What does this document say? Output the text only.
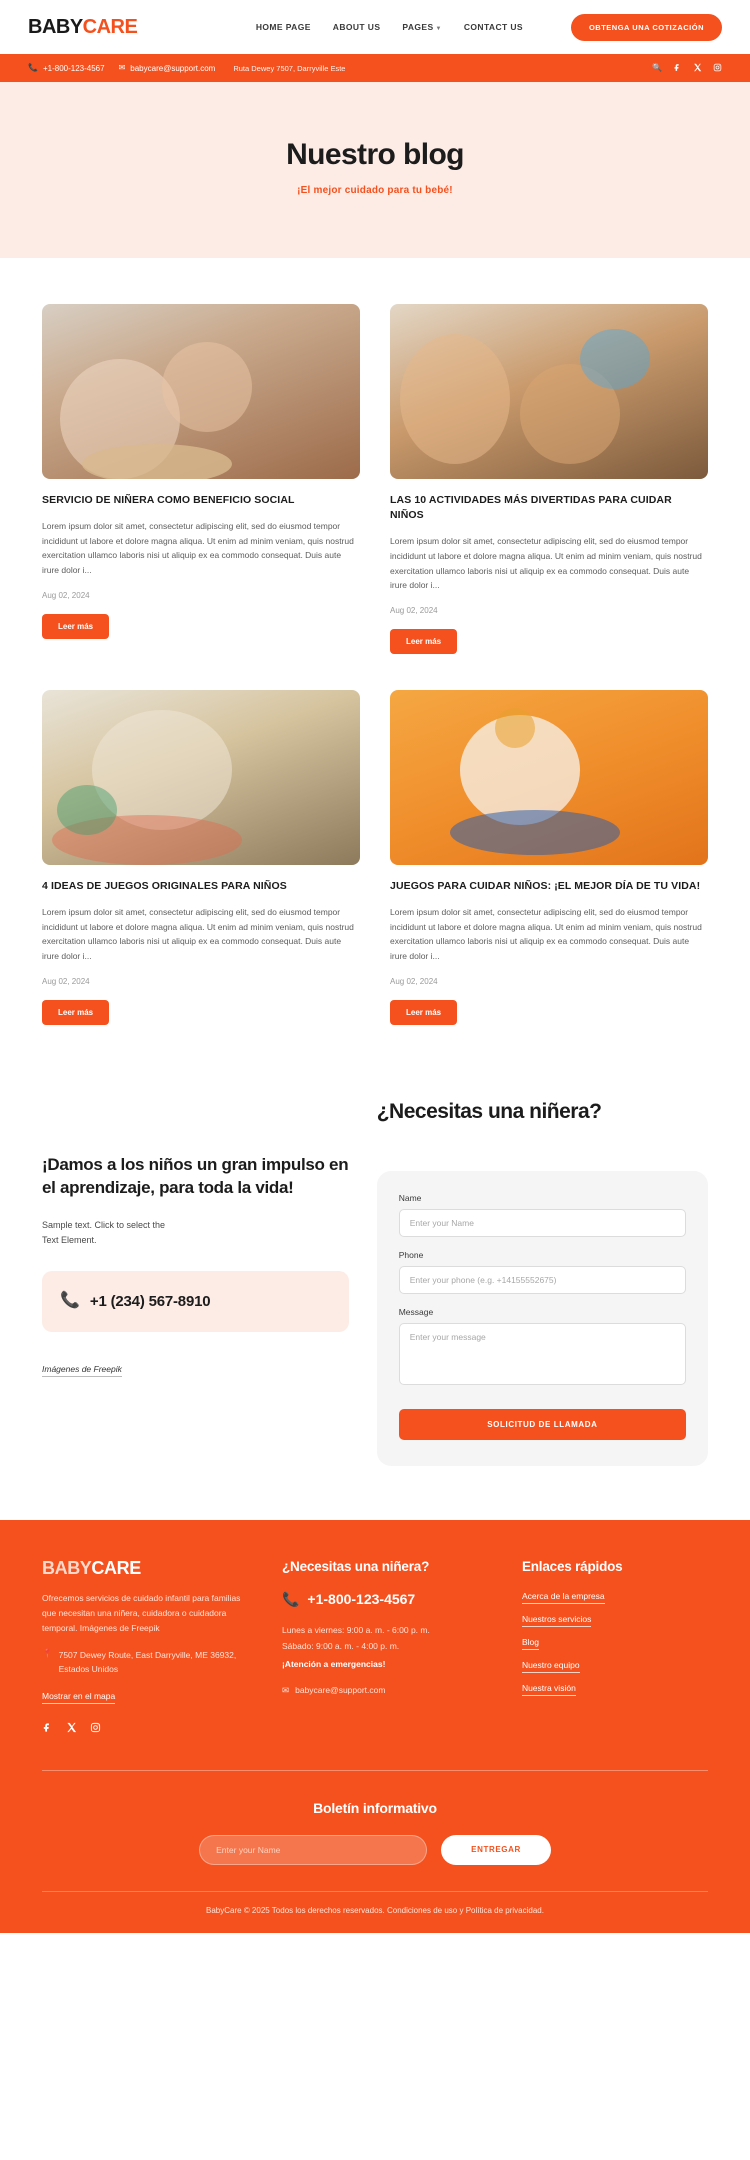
BABYCARE	HOME PAGE	ABOUT US	PAGES ▼	CONTACT US	OBTENGA UNA COTIZACIÓN
📞 +1-800-123-4567 ✉ babycare@support.com Ruta Dewey 7507, Darryville Este	🔍
Nuestro blog
¡El mejor cuidado para tu bebé!
SERVICIO DE NIÑERA COMO BENEFICIO SOCIAL

Lorem ipsum dolor sit amet, consectetur adipiscing elit, sed do eiusmod tempor incididunt ut labore et dolore magna aliqua. Ut enim ad minim veniam, quis nostrud exercitation ullamco laboris nisi ut aliquip ex ea commodo consequat. Duis aute irure dolor i...

Aug 02, 2024
Leer más
LAS 10 ACTIVIDADES MÁS DIVERTIDAS PARA CUIDAR NIÑOS

Lorem ipsum dolor sit amet, consectetur adipiscing elit, sed do eiusmod tempor incididunt ut labore et dolore magna aliqua. Ut enim ad minim veniam, quis nostrud exercitation ullamco laboris nisi ut aliquip ex ea commodo consequat. Duis aute irure dolor i...

Aug 02, 2024
Leer más
4 IDEAS DE JUEGOS ORIGINALES PARA NIÑOS

Lorem ipsum dolor sit amet, consectetur adipiscing elit, sed do eiusmod tempor incididunt ut labore et dolore magna aliqua. Ut enim ad minim veniam, quis nostrud exercitation ullamco laboris nisi ut aliquip ex ea commodo consequat. Duis aute irure dolor i...

Aug 02, 2024
Leer más
JUEGOS PARA CUIDAR NIÑOS: ¡EL MEJOR DÍA DE TU VIDA!

Lorem ipsum dolor sit amet, consectetur adipiscing elit, sed do eiusmod tempor incididunt ut labore et dolore magna aliqua. Ut enim ad minim veniam, quis nostrud exercitation ullamco laboris nisi ut aliquip ex ea commodo consequat. Duis aute irure dolor i...

Aug 02, 2024
Leer más
¡Damos a los niños un gran impulso en el aprendizaje, para toda la vida!
Sample text. Click to select the Text Element.
📞 +1 (234) 567-8910
Imágenes de Freepik
¿Necesitas una niñera?
Name
Enter your Name
Phone
Enter your phone (e.g. +14155552675)
Message
Enter your message
SOLICITUD DE LLAMADA
BABYCARE
Ofrecemos servicios de cuidado infantil para familias que necesitan una niñera, cuidadora o cuidadora temporal. Imágenes de Freepik
📍 7507 Dewey Route, East Darryville, ME 36932, Estados Unidos
Mostrar en el mapa
¿Necesitas una niñera?
📞 +1-800-123-4567
Lunes a viernes: 9:00 a. m. - 6:00 p. m.
Sábado: 9:00 a. m. - 4:00 p. m.
¡Atención a emergencias!
✉ babycare@support.com
Enlaces rápidos
Acerca de la empresa
Nuestros servicios
Blog
Nuestro equipo
Nuestra visión
Boletín informativo
Enter your Name
ENTREGAR
BabyCare © 2025 Todos los derechos reservados. Condiciones de uso y Política de privacidad.
